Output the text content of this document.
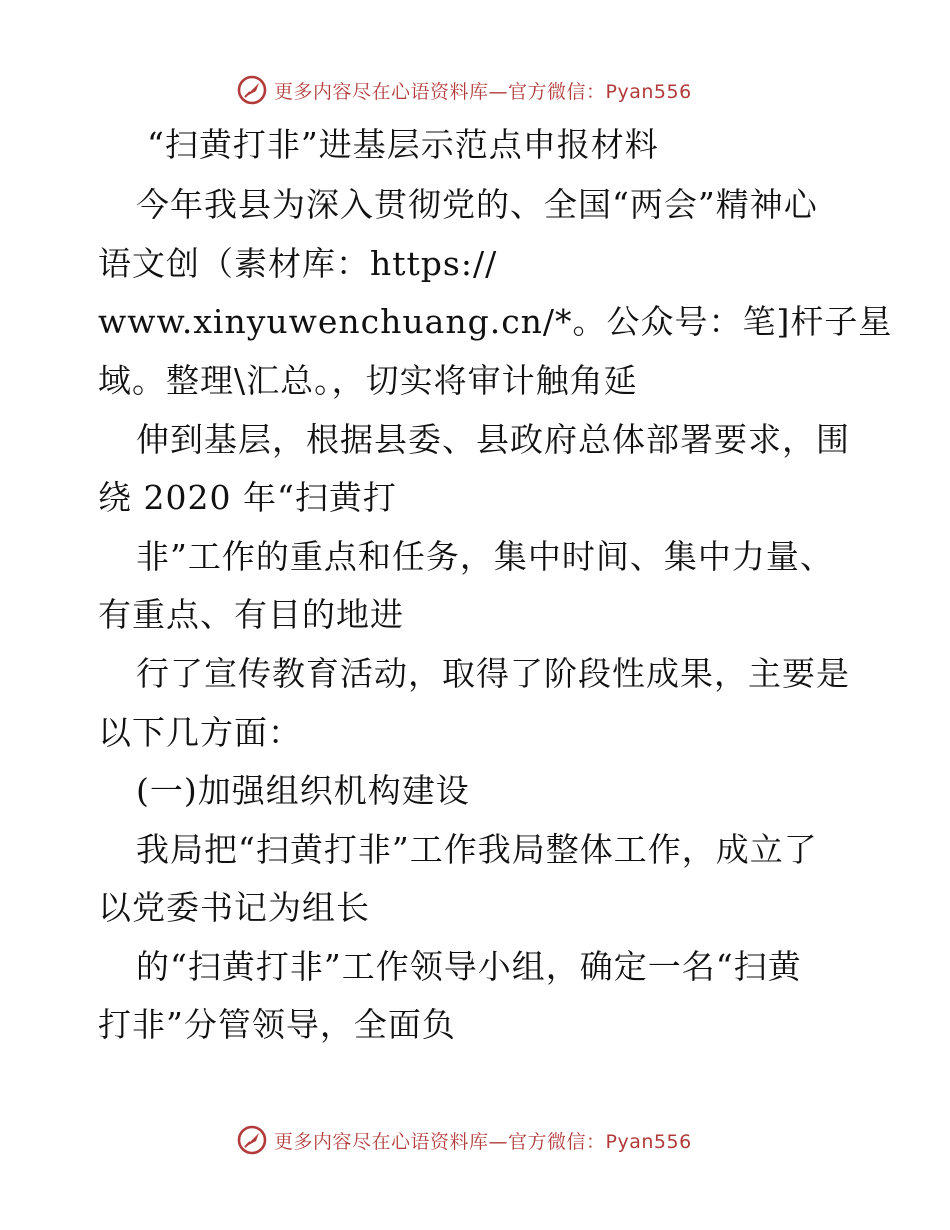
更多内容尽在心语资料库—官方微信：Pyan556
“扫黄打非”进基层示范点申报材料
今年我县为深入贯彻党的、全国“两会”精神心
语文创（素材库：https://
www.xinyuwenchuang.cn/*。公众号：笔]杆子星
域。整理\汇总。，切实将审计触角延
伸到基层，根据县委、县政府总体部署要求，围
绕 2020 年“扫黄打
非”工作的重点和任务，集中时间、集中力量、
有重点、有目的地进
行了宣传教育活动，取得了阶段性成果，主要是
以下几方面：
(一)加强组织机构建设
我局把“扫黄打非”工作我局整体工作，成立了
以党委书记为组长
的“扫黄打非”工作领导小组，确定一名“扫黄
打非”分管领导，全面负
更多内容尽在心语资料库—官方微信：Pyan556
